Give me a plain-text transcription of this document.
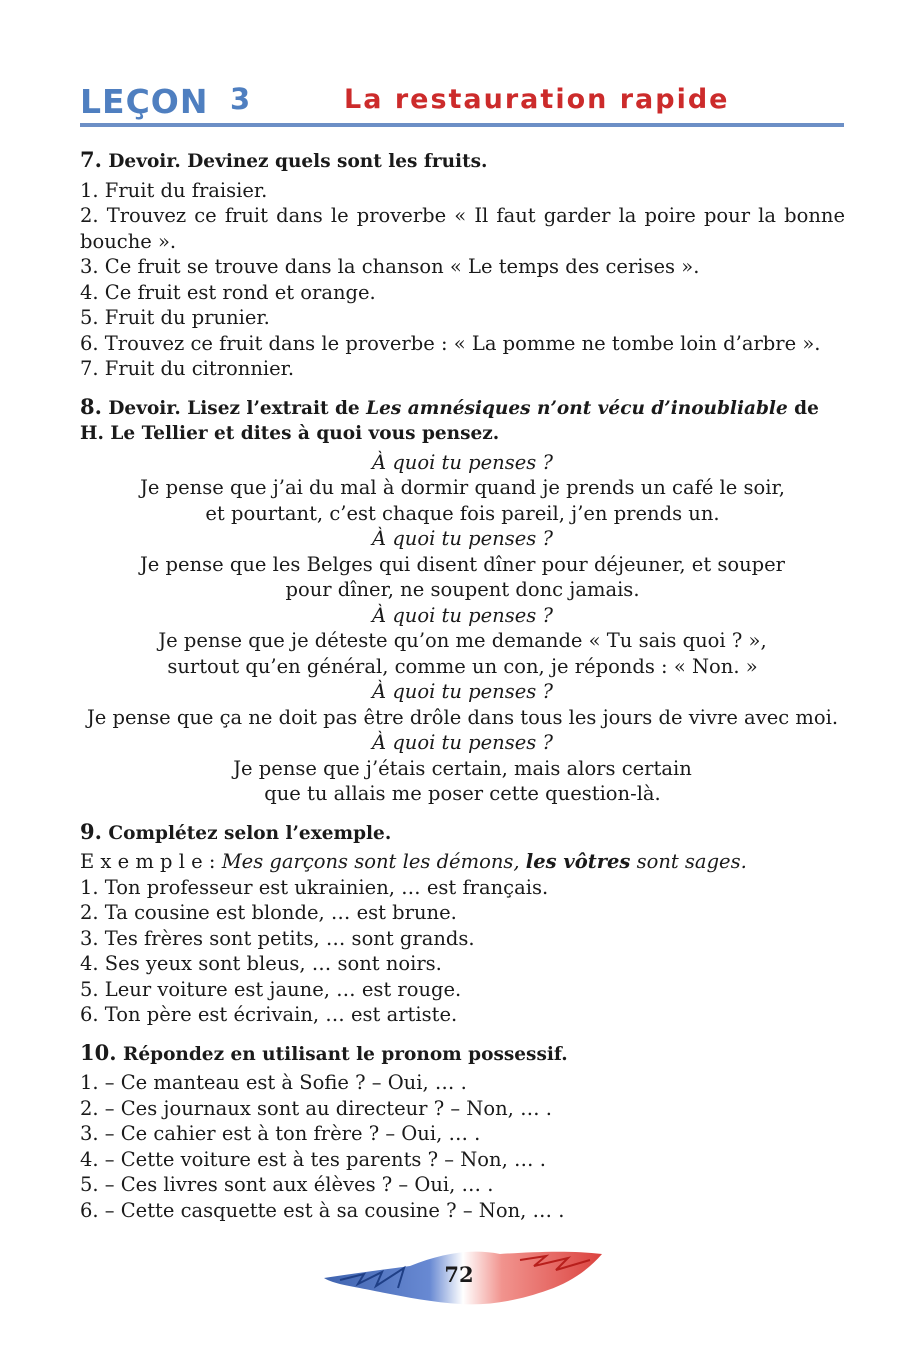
LEÇON 3	La restauration rapide
7. Devoir. Devinez quels sont les fruits.

1. Fruit du fraisier.

2. Trouvez ce fruit dans le proverbe « Il faut garder la poire pour la bonne bouche ».

3. Ce fruit se trouve dans la chanson « Le temps des cerises ».

4. Ce fruit est rond et orange.

5. Fruit du prunier.

6. Trouvez ce fruit dans le proverbe : « La pomme ne tombe loin d’arbre ».

7. Fruit du citronnier.

8. Devoir. Lisez l’extrait de Les amnésiques n’ont vécu d’inoubliable de H. Le Tellier et dites à quoi vous pensez.

À quoi tu penses ?

Je pense que j’ai du mal à dormir quand je prends un café le soir,

et pourtant, c’est chaque fois pareil, j’en prends un.

À quoi tu penses ?

Je pense que les Belges qui disent dîner pour déjeuner, et souper

pour dîner, ne soupent donc jamais.

À quoi tu penses ?

Je pense que je déteste qu’on me demande « Tu sais quoi ? »,

surtout qu’en général, comme un con, je réponds : « Non. »

À quoi tu penses ?

Je pense que ça ne doit pas être drôle dans tous les jours de vivre avec moi.

À quoi tu penses ?

Je pense que j’étais certain, mais alors certain

que tu allais me poser cette question-là.

9. Complétez selon l’exemple.

E x e m p l e : Mes garçons sont les démons, les vôtres sont sages.

1. Ton professeur est ukrainien, … est français.

2. Ta cousine est blonde, … est brune.

3. Tes frères sont petits, … sont grands.

4. Ses yeux sont bleus, … sont noirs.

5. Leur voiture est jaune, … est rouge.

6. Ton père est écrivain, … est artiste.

10. Répondez en utilisant le pronom possessif.

1. – Ce manteau est à Sofie ? – Oui, … .

2. – Ces journaux sont au directeur ? – Non, … .

3. – Ce cahier est à ton frère ? – Oui, … .

4. – Cette voiture est à tes parents ? – Non, … .

5. – Ces livres sont aux élèves ? – Oui, … .

6. – Cette casquette est à sa cousine ? – Non, … .

72
